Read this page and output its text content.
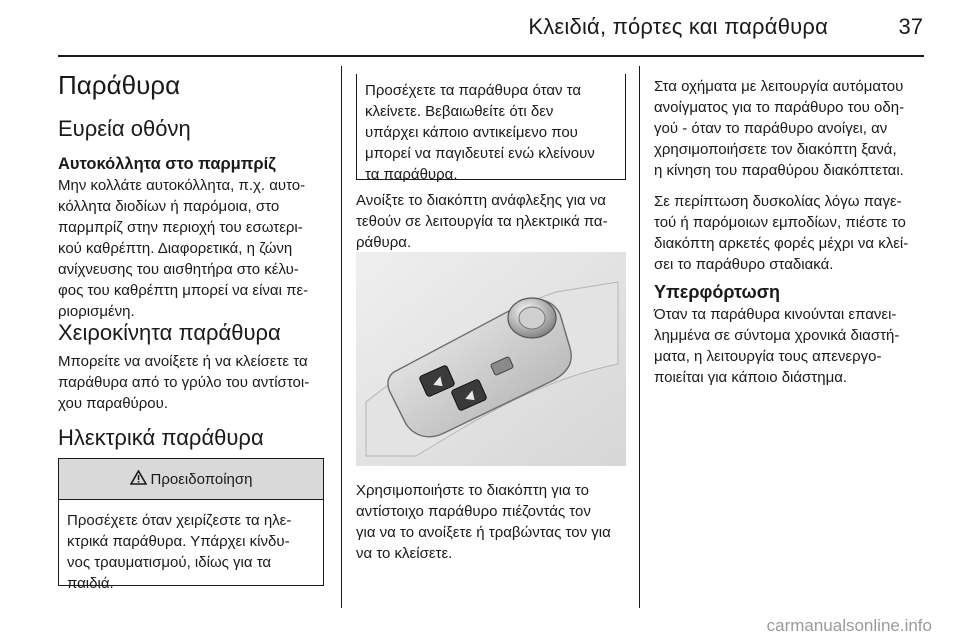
Κλειδιά, πόρτες και παράθυρα	37
Παράθυρα
Ευρεία οθόνη
Αυτοκόλλητα στο παρμπρίζ
Μην κολλάτε αυτοκόλλητα, π.χ. αυτο-
κόλλητα διοδίων ή παρόμοια, στο
παρμπρίζ στην περιοχή του εσωτερι-
κού καθρέπτη. Διαφορετικά, η ζώνη
ανίχνευσης του αισθητήρα στο κέλυ-
φος του καθρέπτη μπορεί να είναι πε-
ριορισμένη.
Χειροκίνητα παράθυρα
Μπορείτε να ανοίξετε ή να κλείσετε τα
παράθυρα από το γρύλο του αντίστοι-
χου παραθύρου.
Ηλεκτρικά παράθυρα
Προειδοποίηση
Προσέχετε όταν χειρίζεστε τα ηλε-
κτρικά παράθυρα. Υπάρχει κίνδυ-
νος τραυματισμού, ιδίως για τα
παιδιά.
Προσέχετε τα παράθυρα όταν τα
κλείνετε. Βεβαιωθείτε ότι δεν
υπάρχει κάποιο αντικείμενο που
μπορεί να παγιδευτεί ενώ κλείνουν
τα παράθυρα.
Ανοίξτε το διακόπτη ανάφλεξης για να
τεθούν σε λειτουργία τα ηλεκτρικά πα-
ράθυρα.
Χρησιμοποιήστε το διακόπτη για το
αντίστοιχο παράθυρο πιέζοντάς τον
για να το ανοίξετε ή τραβώντας τον για
να το κλείσετε.
Στα οχήματα με λειτουργία αυτόματου
ανοίγματος για το παράθυρο του οδη-
γού - όταν το παράθυρο ανοίγει, αν
χρησιμοποιήσετε τον διακόπτη ξανά,
η κίνηση του παραθύρου διακόπτεται.
Σε περίπτωση δυσκολίας λόγω παγε-
τού ή παρόμοιων εμποδίων, πιέστε το
διακόπτη αρκετές φορές μέχρι να κλεί-
σει το παράθυρο σταδιακά.
Υπερφόρτωση
Όταν τα παράθυρα κινούνται επανει-
λημμένα σε σύντομα χρονικά διαστή-
ματα, η λειτουργία τους απενεργο-
ποιείται για κάποιο διάστημα.
carmanualsonline.info
